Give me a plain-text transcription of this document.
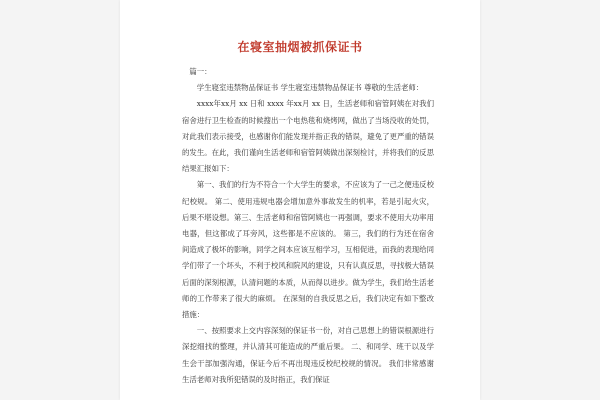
在寝室抽烟被抓保证书

篇一：

学生寝室违禁物品保证书 学生寝室违禁物品保证书 尊敬的生活老师：

xxxx年xx月 xx 日和 xxxx 年xx月 xx 日，生活老师和宿管阿姨在对我们宿舍进行卫生检查的时候搜出一个电热毯和烧烤网，做出了当场没收的处罚，对此我们表示接受，也感谢你们能发现并指正我的错误，避免了更严重的错误的发生。在此，我们谨向生活老师和宿管阿姨做出深刻检讨，并将我们的反思结果汇报如下：

第一、我们的行为不符合一个大学生的要求，不应该为了一己之便违反校纪校规。 第二、使用违规电器会增加意外事故发生的机率，若是引起火灾，后果不堪设想。第三、生活老师和宿管阿姨也一再强调，要求不使用大功率用电器，但这都成了耳旁风，这些都是不应该的。 第三，我们的行为还在宿舍间造成了极坏的影响，同学之间本应该互相学习，互相促进，而我的表现给同学们带了一个坏头，不利于校风和院风的建设，只有认真反思，寻找极大错误后面的深刻根源，认清问题的本质，从而得以进步。做为学生，我们给生活老师的工作带来了很大的麻烦。 在深刻的自我反思之后，我们决定有如下整改措施：

一、按照要求上交内容深刻的保证书一份，对自己思想上的错误根源进行深挖细找的整理，并认清其可能造成的严重后果。 二、和同学、班干以及学生会干部加强沟通，保证今后不再出现违反校纪校规的情况。 我们非常感谢生活老师对我所犯错误的及时指正，我们保证
